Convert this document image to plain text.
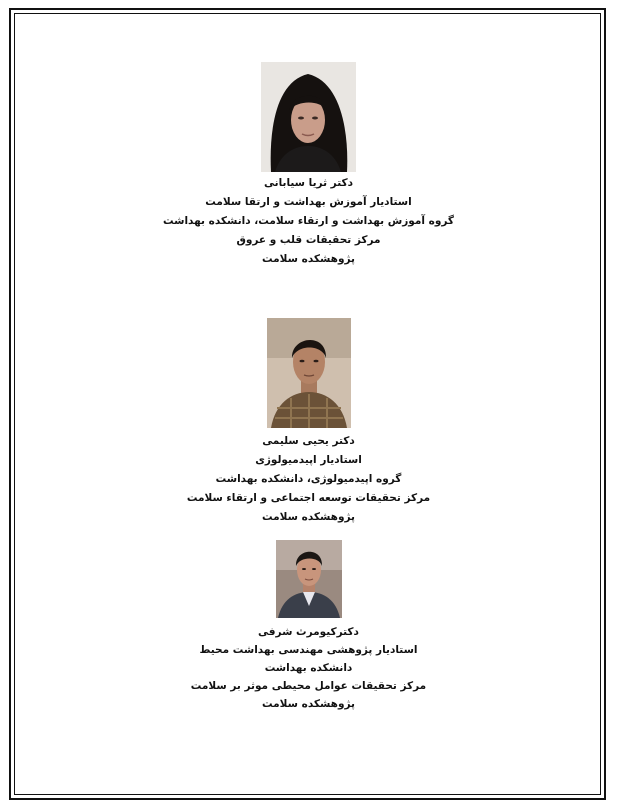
دکتر ثریا سیابانی
استادیار آموزش بهداشت و ارتقا سلامت
گروه آموزش بهداشت و ارتقاء سلامت، دانشکده بهداشت
مرکز تحقیقات قلب و عروق
پژوهشکده سلامت
دکتر یحیی سلیمی
استادیار اپیدمیولوژی
گروه اپیدمیولوژی، دانشکده بهداشت
مرکز تحقیقات توسعه اجتماعی و ارتقاء سلامت
پژوهشکده سلامت
دکترکیومرث شرفی
استادیار پژوهشی مهندسی بهداشت محیط
دانشکده بهداشت
مرکز تحقیقات عوامل محیطی موثر بر سلامت
پژوهشکده سلامت
